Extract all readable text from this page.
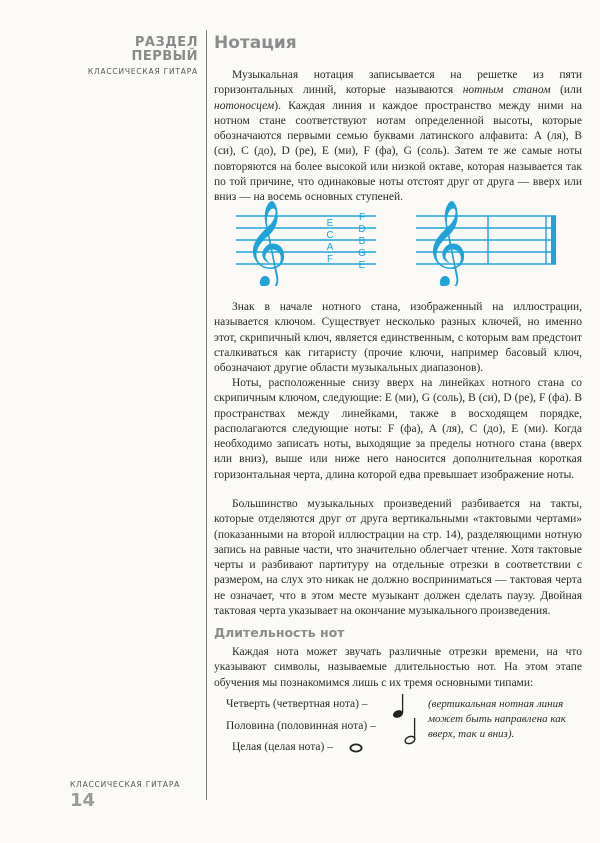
РАЗДЕЛ ПЕРВЫЙ
КЛАССИЧЕСКАЯ ГИТАРА
Нотация

Музыкальная нотация записывается на решетке из пяти горизонтальных линий, которые называются нотным станом (или нотоносцем). Каждая линия и каждое пространство между ними на нотном стане соответствуют нотам определенной высоты, которые обозначаются первыми семью буквами латинского алфавита: A (ля), B (си), C (до), D (ре), E (ми), F (фа), G (соль). Затем те же самые ноты повторяются на более высокой или низкой октаве, которая называется так по той причине, что одинаковые ноты отстоят друг от друга — вверх или вниз — на восемь основных ступеней.

𝄞	E
C
A
F
F
D
B
G
E 𝄞

Знак в начале нотного стана, изображенный на иллюстрации, называется ключом. Существует несколько разных ключей, но именно этот, скрипичный ключ, является единственным, с которым вам предстоит сталкиваться как гитаристу (прочие ключи, например басовый ключ, обозначают другие области музыкальных диапазонов).

Ноты, расположенные снизу вверх на линейках нотного стана со скрипичным ключом, следующие: E (ми), G (соль), B (си), D (ре), F (фа). В пространствах между линейками, также в восходящем порядке, располагаются следующие ноты: F (фа), A (ля), C (до), E (ми). Когда необходимо записать ноты, выходящие за пределы нотного стана (вверх или вниз), выше или ниже него наносится дополнительная короткая горизонтальная черта, длина которой едва превышает изображение ноты.

Большинство музыкальных произведений разбивается на такты, которые отделяются друг от друга вертикальными «тактовыми чертами» (показанными на второй иллюстрации на стр. 14), разделяющими нотную запись на равные части, что значительно облегчает чтение. Хотя тактовые черты и разбивают партитуру на отдельные отрезки в соответствии с размером, на слух это никак не должно восприниматься — тактовая черта не означает, что в этом месте музыкант должен сделать паузу. Двойная тактовая черта указывает на окончание музыкального произведения.

Длительность нот

Каждая нота может звучать различные отрезки времени, на что указывают символы, называемые длительностью нот. На этом этапе обучения мы познакомимся лишь с их тремя основными типами:

Четверть (четвертная нота) –
Половина (половинная нота) –
Целая (целая нота) –
(вертикальная нотная линия может быть направлена как вверх, так и вниз).
КЛАССИЧЕСКАЯ ГИТАРА
14
